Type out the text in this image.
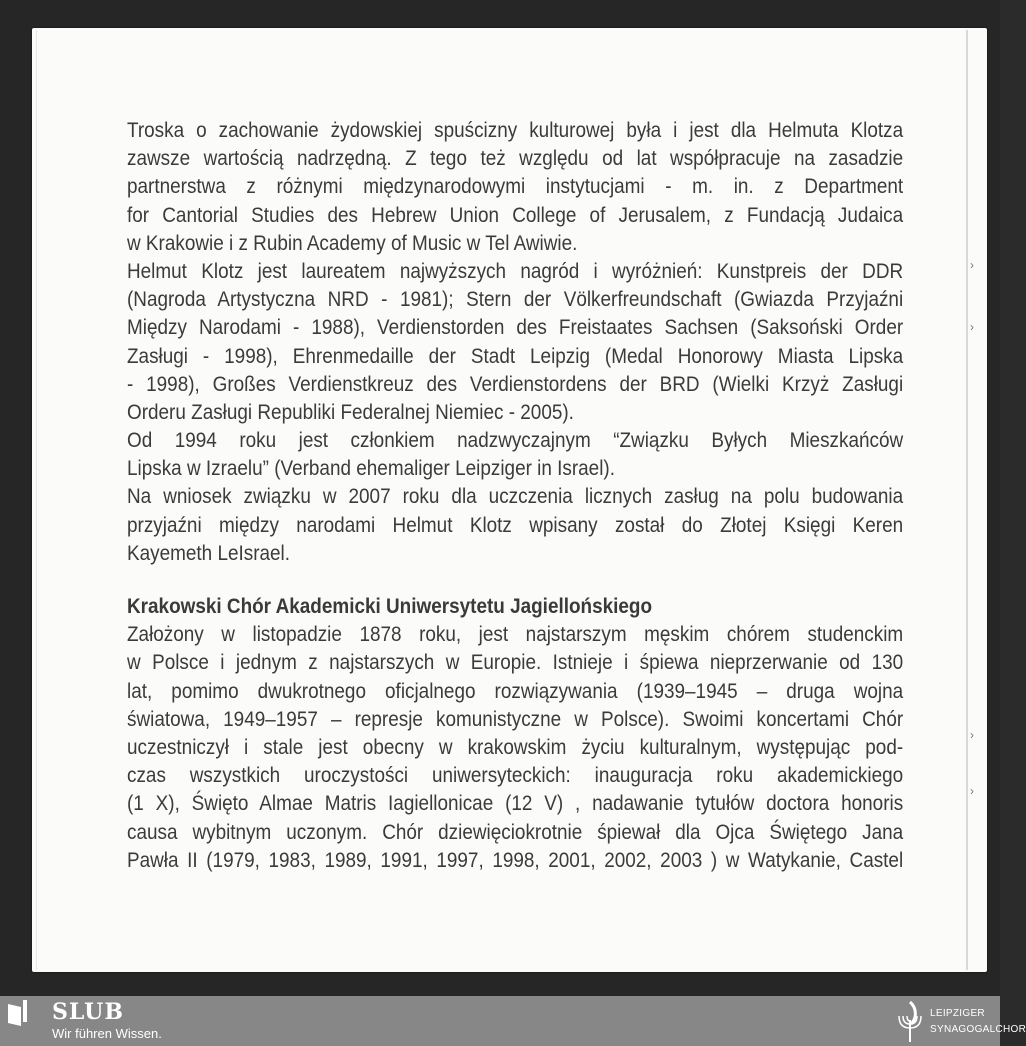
›
›
›
›
Troska o zachowanie żydowskiej spuścizny kulturowej była i jest dla Helmuta Klotza
zawsze wartością nadrzędną. Z tego też względu od lat współpracuje na zasadzie
partnerstwa z różnymi międzynarodowymi instytucjami - m. in. z Department
for Cantorial Studies des Hebrew Union College of Jerusalem, z Fundacją Judaica
w Krakowie i z Rubin Academy of Music w Tel Awiwie.
Helmut Klotz jest laureatem najwyższych nagród i wyróżnień: Kunstpreis der DDR
(Nagroda Artystyczna NRD - 1981); Stern der Völkerfreundschaft (Gwiazda Przyjaźni
Między Narodami - 1988), Verdienstorden des Freistaates Sachsen (Saksoński Order
Zasługi - 1998), Ehrenmedaille der Stadt Leipzig (Medal Honorowy Miasta Lipska
- 1998), Großes Verdienstkreuz des Verdienstordens der BRD (Wielki Krzyż Zasługi
Orderu Zasługi Republiki Federalnej Niemiec - 2005).
Od 1994 roku jest członkiem nadzwyczajnym “Związku Byłych Mieszkańców
Lipska w Izraelu” (Verband ehemaliger Leipziger in Israel).
Na wniosek związku w 2007 roku dla uczczenia licznych zasług na polu budowania
przyjaźni między narodami Helmut Klotz wpisany został do Złotej Księgi Keren
Kayemeth LeIsrael.
Krakowski Chór Akademicki Uniwersytetu Jagiellońskiego
Założony w listopadzie 1878 roku, jest najstarszym męskim chórem studenckim
w Polsce i jednym z najstarszych w Europie. Istnieje i śpiewa nieprzerwanie od 130
lat, pomimo dwukrotnego oficjalnego rozwiązywania (1939–1945 – druga wojna
światowa, 1949–1957 – represje komunistyczne w Polsce). Swoimi koncertami Chór
uczestniczył i stale jest obecny w krakowskim życiu kulturalnym, występując pod-
czas wszystkich uroczystości uniwersyteckich: inauguracja roku akademickiego
(1 X), Święto Almae Matris Iagiellonicae (12 V) , nadawanie tytułów doctora honoris
causa wybitnym uczonym. Chór dziewięciokrotnie śpiewał dla Ojca Świętego Jana
Pawła II (1979, 1983, 1989, 1991, 1997, 1998, 2001, 2002, 2003 ) w Watykanie, Castel
SLUB
Wir führen Wissen.
LEIPZIGER
SYNAGOGALCHOR
